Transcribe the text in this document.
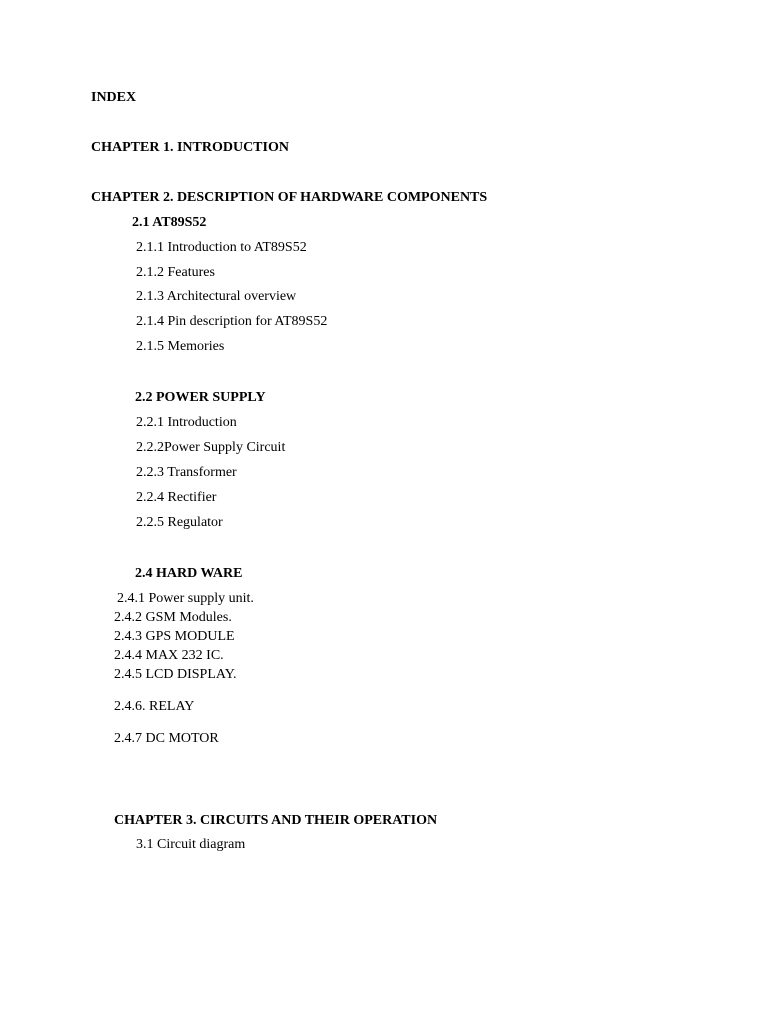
INDEX
CHAPTER 1. INTRODUCTION
CHAPTER 2. DESCRIPTION OF HARDWARE COMPONENTS
2.1 AT89S52
2.1.1 Introduction to AT89S52
2.1.2 Features
2.1.3 Architectural overview
2.1.4 Pin description for AT89S52
2.1.5 Memories
2.2 POWER SUPPLY
2.2.1 Introduction
2.2.2Power Supply Circuit
2.2.3 Transformer
2.2.4 Rectifier
2.2.5 Regulator
2.4 HARD WARE
2.4.1 Power supply unit.
2.4.2 GSM Modules.
2.4.3 GPS MODULE
2.4.4 MAX 232 IC.
2.4.5 LCD DISPLAY.
2.4.6. RELAY
2.4.7 DC MOTOR
CHAPTER 3. CIRCUITS AND THEIR OPERATION
3.1 Circuit diagram
